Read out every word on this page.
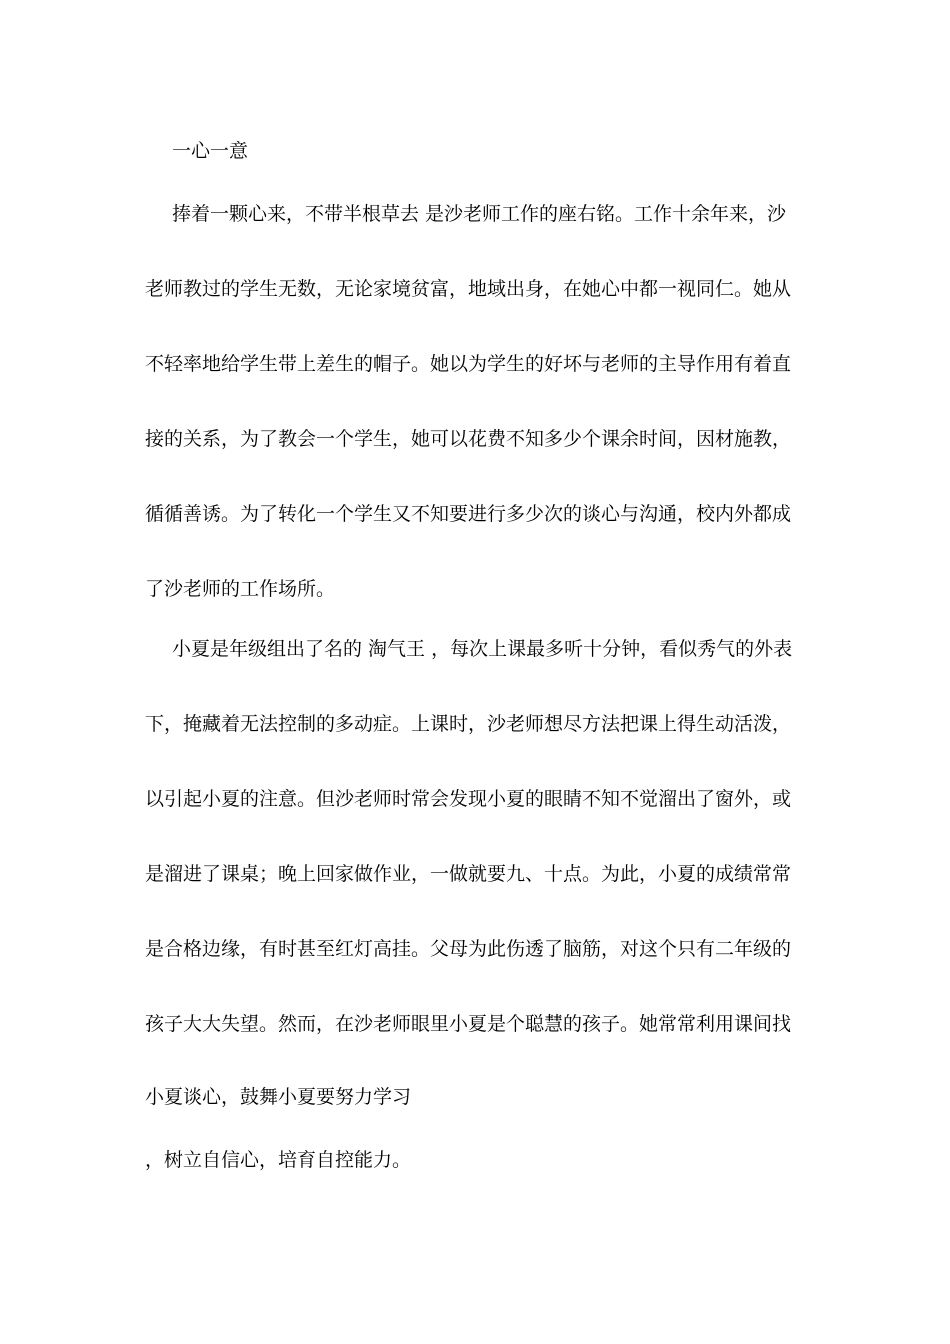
一心一意
捧着一颗心来，不带半根草去 是沙老师工作的座右铭。工作十余年来，沙
老师教过的学生无数，无论家境贫富，地域出身，在她心中都一视同仁。她从
不轻率地给学生带上差生的帽子。她以为学生的好坏与老师的主导作用有着直
接的关系，为了教会一个学生，她可以花费不知多少个课余时间，因材施教，
循循善诱。为了转化一个学生又不知要进行多少次的谈心与沟通，校内外都成
了沙老师的工作场所。
小夏是年级组出了名的 淘气王 ，每次上课最多听十分钟，看似秀气的外表
下，掩藏着无法控制的多动症。上课时，沙老师想尽方法把课上得生动活泼，
以引起小夏的注意。但沙老师时常会发现小夏的眼睛不知不觉溜出了窗外，或
是溜进了课桌；晚上回家做作业，一做就要九、十点。为此，小夏的成绩常常
是合格边缘，有时甚至红灯高挂。父母为此伤透了脑筋，对这个只有二年级的
孩子大大失望。然而，在沙老师眼里小夏是个聪慧的孩子。她常常利用课间找
小夏谈心，鼓舞小夏要努力学习
，树立自信心，培育自控能力。
